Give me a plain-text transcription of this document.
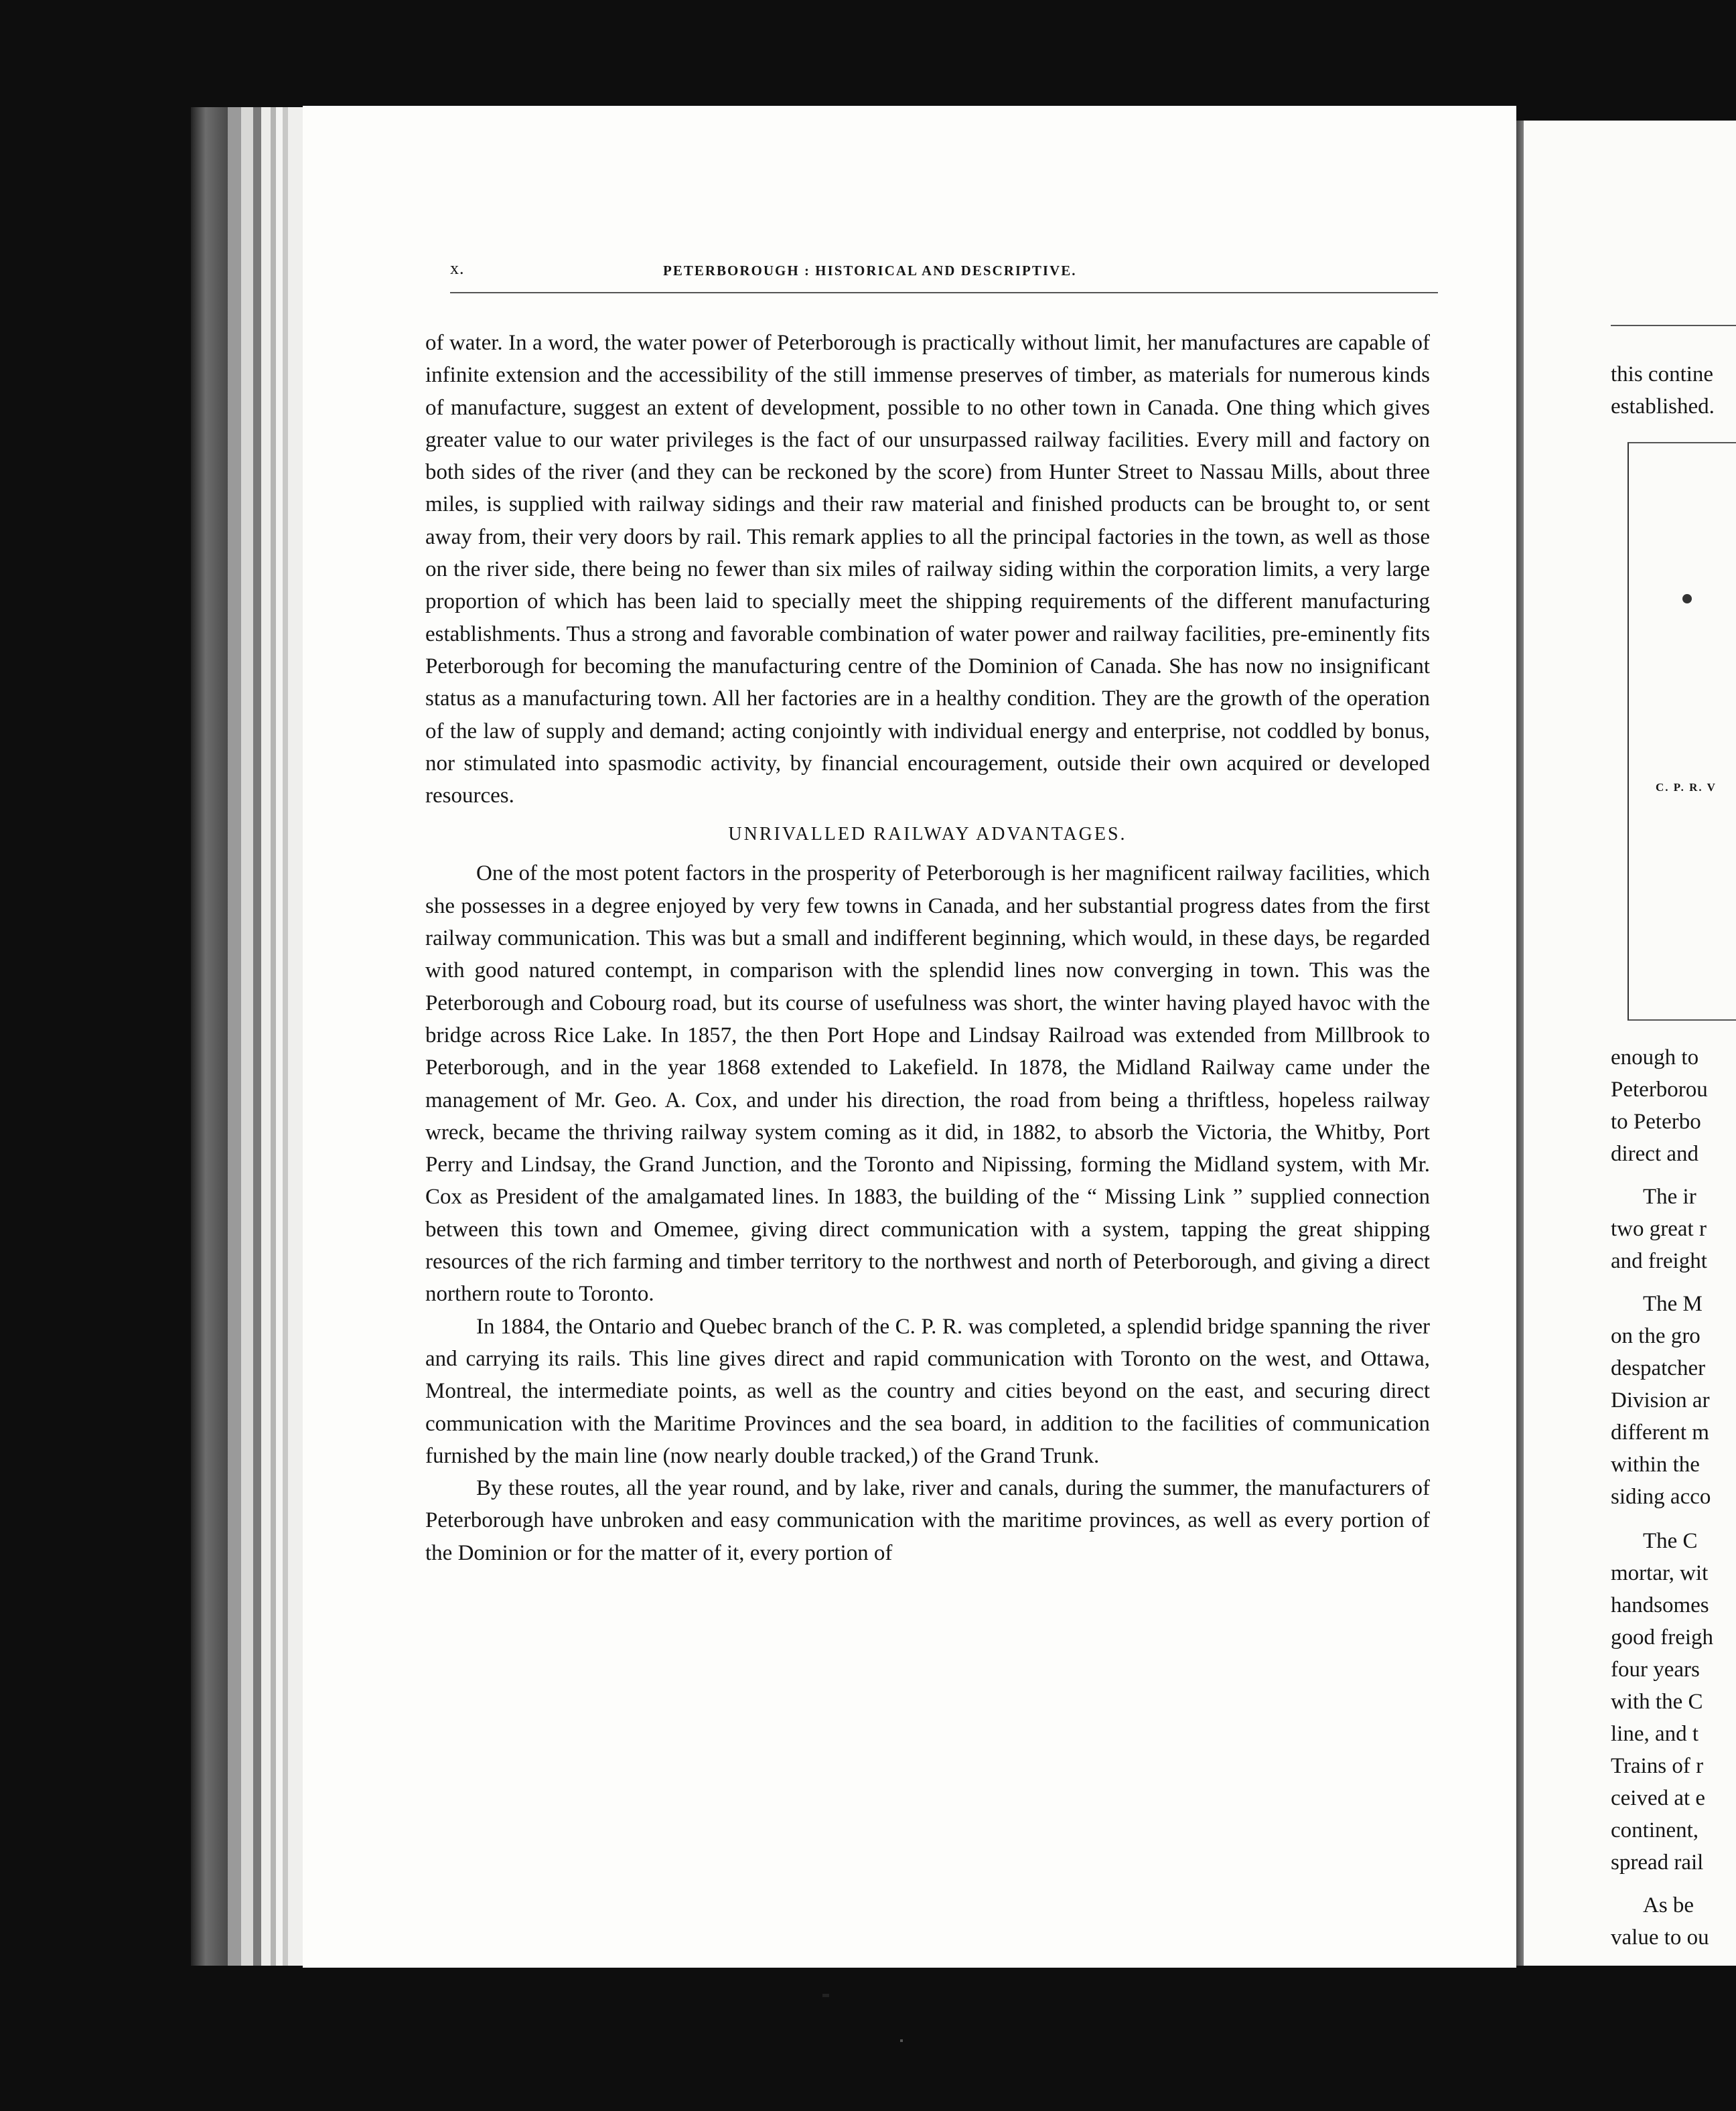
this contine
established.
C. P. R. V
enough to
Peterborou
to Peterbo
direct and
The ir
two great r
and freight
The M
on the gro
despatcher
Division ar
different m
within the
siding acco
The C
mortar, wit
handsomes
good freigh
four years
with the C
line, and t
Trains of r
ceived at e
continent,
spread rail
As be
value to ou
x.	PETERBOROUGH : HISTORICAL AND DESCRIPTIVE.

of water. In a word, the water power of Peterborough is practically without limit, her manufactures are capable of infinite extension and the accessibility of the still immense preserves of timber, as materials for numerous kinds of manufacture, suggest an extent of development, possible to no other town in Canada. One thing which gives greater value to our water privileges is the fact of our unsurpassed railway facilities. Every mill and factory on both sides of the river (and they can be reckoned by the score) from Hunter Street to Nassau Mills, about three miles, is supplied with railway sidings and their raw material and finished products can be brought to, or sent away from, their very doors by rail. This remark applies to all the principal factories in the town, as well as those on the river side, there being no fewer than six miles of railway siding within the corporation limits, a very large proportion of which has been laid to specially meet the shipping requirements of the different manufacturing establishments. Thus a strong and favorable combination of water power and railway facilities, pre-eminently fits Peterborough for becoming the manufacturing centre of the Dominion of Canada. She has now no insignificant status as a manufacturing town. All her factories are in a healthy condition. They are the growth of the operation of the law of supply and demand; acting conjointly with individual energy and enterprise, not coddled by bonus, nor stimulated into spasmodic activity, by financial encouragement, outside their own acquired or developed resources.

UNRIVALLED RAILWAY ADVANTAGES.

One of the most potent factors in the prosperity of Peterborough is her magnificent railway facilities, which she possesses in a degree enjoyed by very few towns in Canada, and her substantial progress dates from the first railway communication. This was but a small and indifferent beginning, which would, in these days, be regarded with good natured contempt, in comparison with the splendid lines now converging in town. This was the Peterborough and Cobourg road, but its course of usefulness was short, the winter having played havoc with the bridge across Rice Lake. In 1857, the then Port Hope and Lindsay Railroad was extended from Millbrook to Peterborough, and in the year 1868 extended to Lakefield. In 1878, the Midland Railway came under the management of Mr. Geo. A. Cox, and under his direction, the road from being a thriftless, hopeless railway wreck, became the thriving railway system coming as it did, in 1882, to absorb the Victoria, the Whitby, Port Perry and Lindsay, the Grand Junction, and the Toronto and Nipissing, forming the Midland system, with Mr. Cox as President of the amalgamated lines. In 1883, the building of the “ Missing Link ” supplied connection between this town and Omemee, giving direct communication with a system, tapping the great shipping resources of the rich farming and timber territory to the northwest and north of Peterborough, and giving a direct northern route to Toronto.

In 1884, the Ontario and Quebec branch of the C. P. R. was completed, a splendid bridge spanning the river and carrying its rails. This line gives direct and rapid communication with Toronto on the west, and Ottawa, Montreal, the intermediate points, as well as the country and cities beyond on the east, and securing direct communication with the Maritime Provinces and the sea board, in addition to the facilities of communication furnished by the main line (now nearly double tracked,) of the Grand Trunk.

By these routes, all the year round, and by lake, river and canals, during the summer, the manufacturers of Peterborough have unbroken and easy communication with the maritime provinces, as well as every portion of the Dominion or for the matter of it, every portion of
